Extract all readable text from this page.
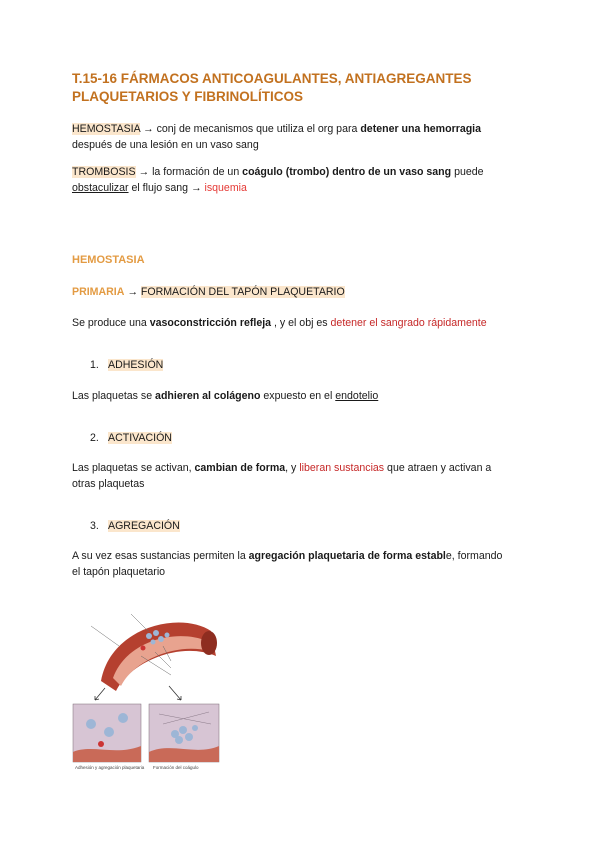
T.15-16 FÁRMACOS ANTICOAGULANTES, ANTIAGREGANTES
PLAQUETARIOS Y FIBRINOLÍTICOS
HEMOSTASIA → conj de mecanismos que utiliza el org para detener una hemorragia
después de una lesión en un vaso sang
TROMBOSIS → la formación de un coágulo (trombo) dentro de un vaso sang puede
obstaculizar el flujo sang → isquemia
HEMOSTASIA
PRIMARIA → FORMACIÓN DEL TAPÓN PLAQUETARIO
Se produce una vasoconstricción refleja , y el obj es detener el sangrado rápidamente
1. ADHESIÓN
Las plaquetas se adhieren al colágeno expuesto en el endotelio
2. ACTIVACIÓN
Las plaquetas se activan, cambian de forma, y liberan sustancias que atraen y activan a
otras plaquetas
3. AGREGACIÓN
A su vez esas sustancias permiten la agregación plaquetaria de forma estable, formando
el tapón plaquetario
Adhesión y agregación plaquetaria Formación del coágulo
